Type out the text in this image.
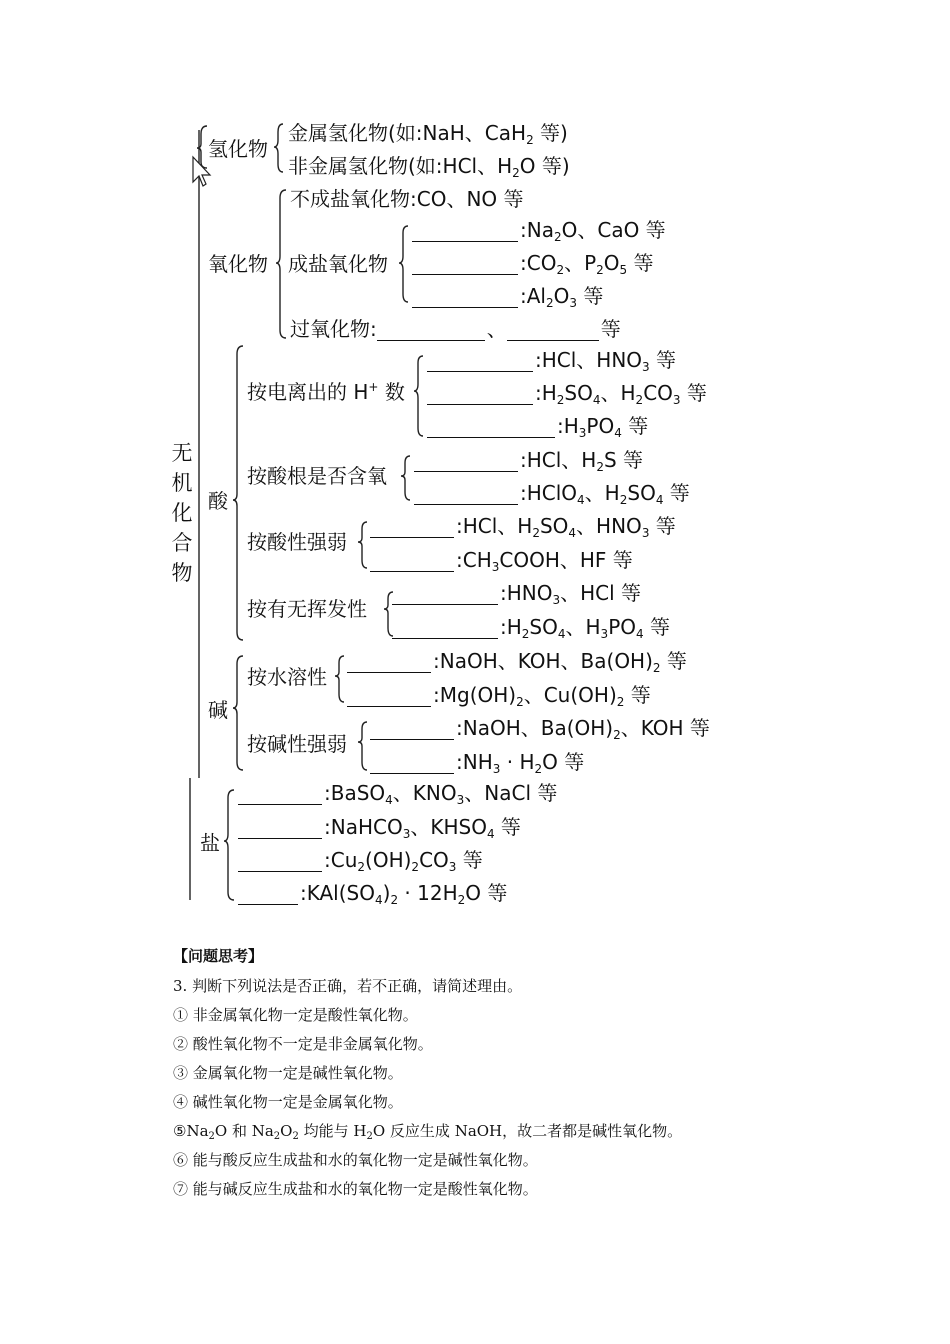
无
机
化
合
物
氢化物
金属氢化物(如:NaH、CaH$_2$ 等)
非金属氢化物(如:HCl、$H_2O$ 等)
氧化物
不成盐氧化物:CO、NO 等
成盐氧化物
$:Na_2O$、CaO 等
$:CO_2$、$P_2O_5$ 等
$:Al_2O_3$ 等
过氧化物:	、	等
酸
按电离出的 H+ 数
:HCl、$HNO_3$ 等
$:H_2SO_4$、$H_2CO_3$ 等
$:H_3PO_4$ 等
按酸根是否含氧
:HCl、$H_2S$ 等
:HClO$_4$、$H_2SO_4$ 等
按酸性强弱
:HCl、$H_2SO_4$、$HNO_3$ 等
$:CH_3COOH$、HF 等
按有无挥发性
$:HNO_3$、HCl 等
$:H_2SO_4$、$H_3PO_4$ 等
碱
按水溶性
:NaOH、KOH、$Ba(OH)_2$ 等
$:Mg(OH)_2$、$Cu(OH)_2$ 等
按碱性强弱
:NaOH、$Ba(OH)_2$、KOH 等
$:NH_3 \cdot H_2O$ 等
盐
:BaSO$_4$、$KNO_3$、NaCl 等
:NaHCO$_3$、$KHSO_4$ 等
$:Cu_2(OH)_2CO_3$ 等
$:KAl(SO_4)_2 \cdot 12H_2O$ 等
【问题思考】
3. 判断下列说法是否正确，若不正确，请简述理由。
① 非金属氧化物一定是酸性氧化物。
② 酸性氧化物不一定是非金属氧化物。
③ 金属氧化物一定是碱性氧化物。
④ 碱性氧化物一定是金属氧化物。
$⑤Na_2O$ 和 $Na_2O_2$ 均能与 $H_2O$ 反应生成 NaOH，故二者都是碱性氧化物。
⑥ 能与酸反应生成盐和水的氧化物一定是碱性氧化物。
⑦ 能与碱反应生成盐和水的氧化物一定是酸性氧化物。
